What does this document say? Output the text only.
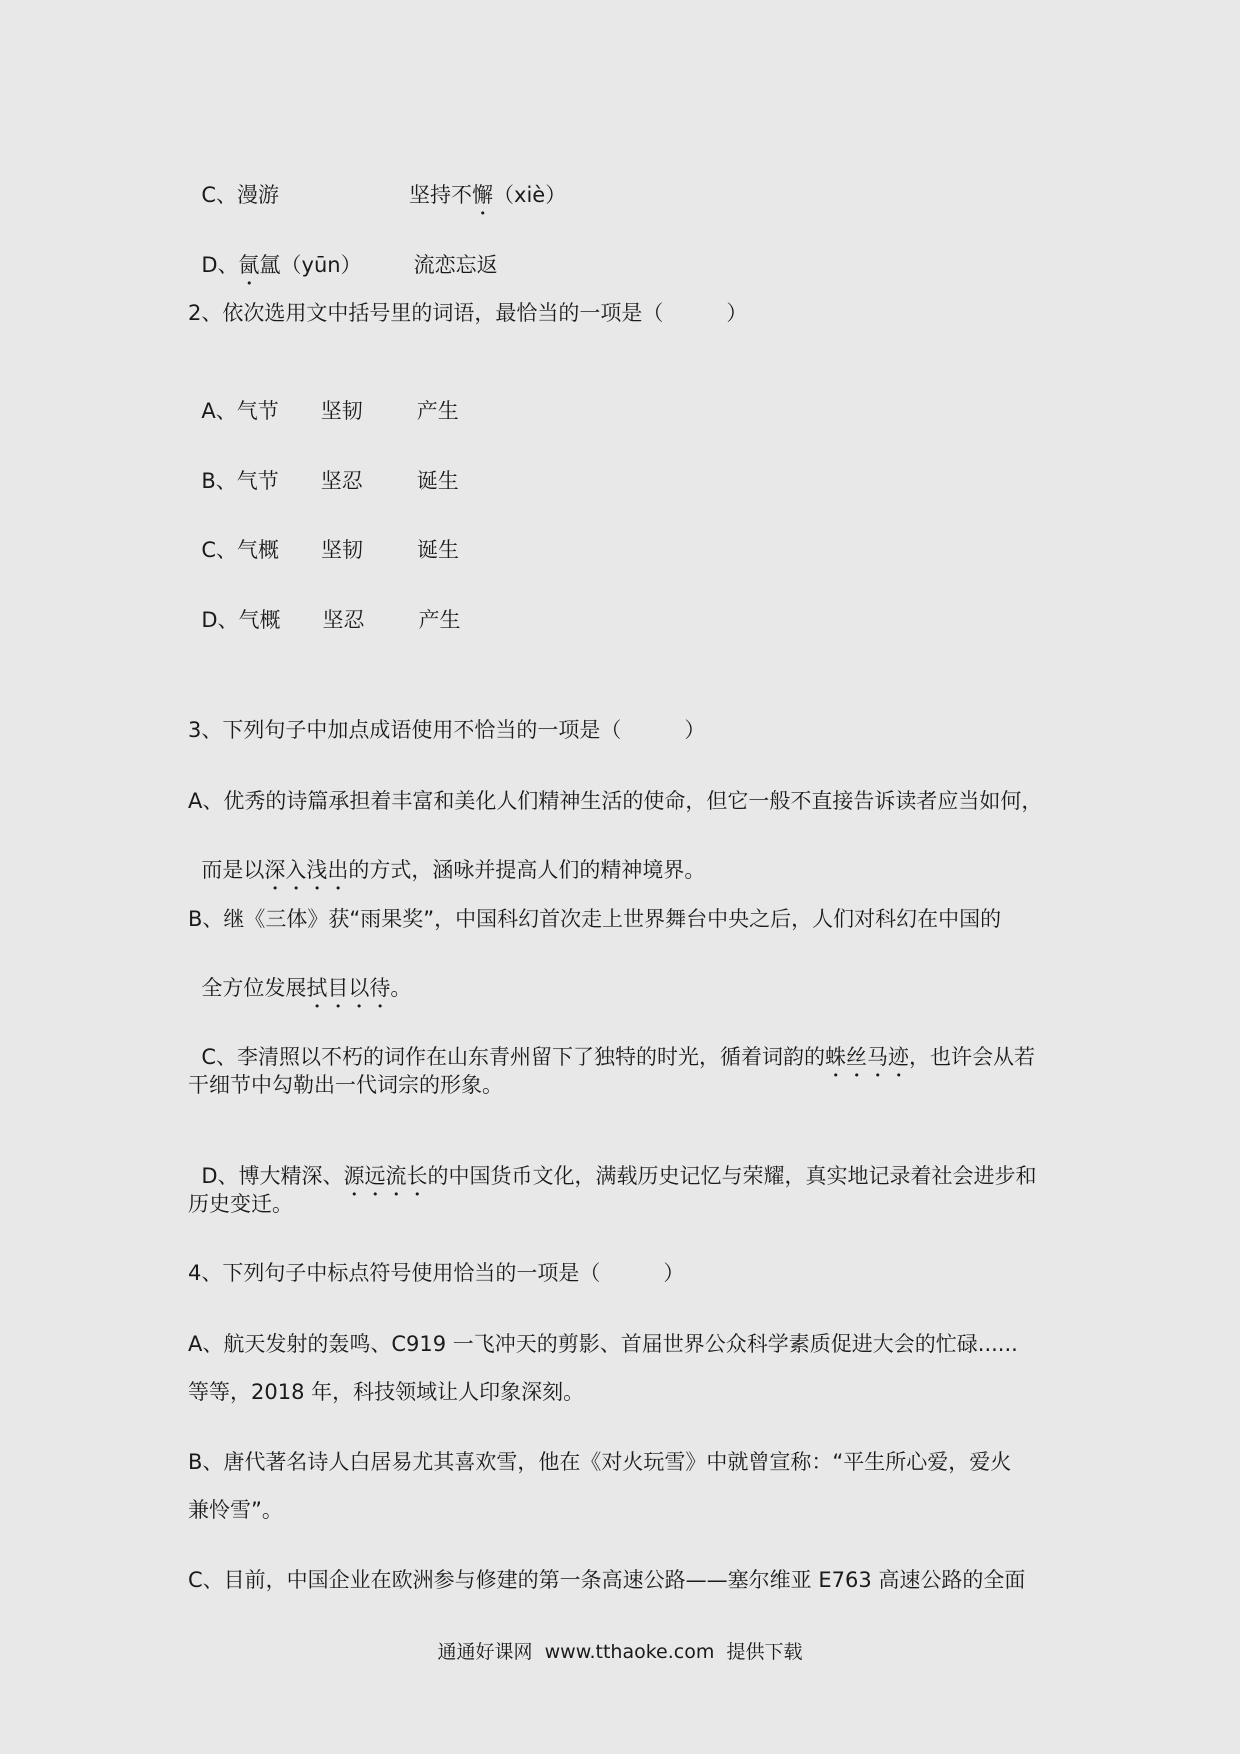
C、漫游	坚持不懈（xiè）

D、氤氲（yūn） 流恋忘返

2、依次选用文中括号里的词语，最恰当的一项是（　　　）

A、气节 坚韧	产生

B、气节 坚忍	诞生

C、气概 坚韧	诞生

D、气概 坚忍	产生

3、下列句子中加点成语使用不恰当的一项是（　　　）
A、优秀的诗篇承担着丰富和美化人们精神生活的使命，但它一般不直接告诉读者应当如何，

而是以深入浅出的方式，涵咏并提高人们的精神境界。

B、继《三体》获“雨果奖”，中国科幻首次走上世界舞台中央之后，人们对科幻在中国的

全方位发展拭目以待。

C、李清照以不朽的词作在山东青州留下了独特的时光，循着词韵的蛛丝马迹，也许会从若

干细节中勾勒出一代词宗的形象。

D、博大精深、源远流长的中国货币文化，满载历史记忆与荣耀，真实地记录着社会进步和

历史变迁。
4、下列句子中标点符号使用恰当的一项是（　　　）
A、航天发射的轰鸣、C919 一飞冲天的剪影、首届世界公众科学素质促进大会的忙碌......
等等，2018 年，科技领域让人印象深刻。
B、唐代著名诗人白居易尤其喜欢雪，他在《对火玩雪》中就曾宣称：“平生所心爱，爱火
兼怜雪”。
C、目前，中国企业在欧洲参与修建的第一条高速公路——塞尔维亚 E763 高速公路的全面
通通好课网  www.tthaoke.com  提供下载
